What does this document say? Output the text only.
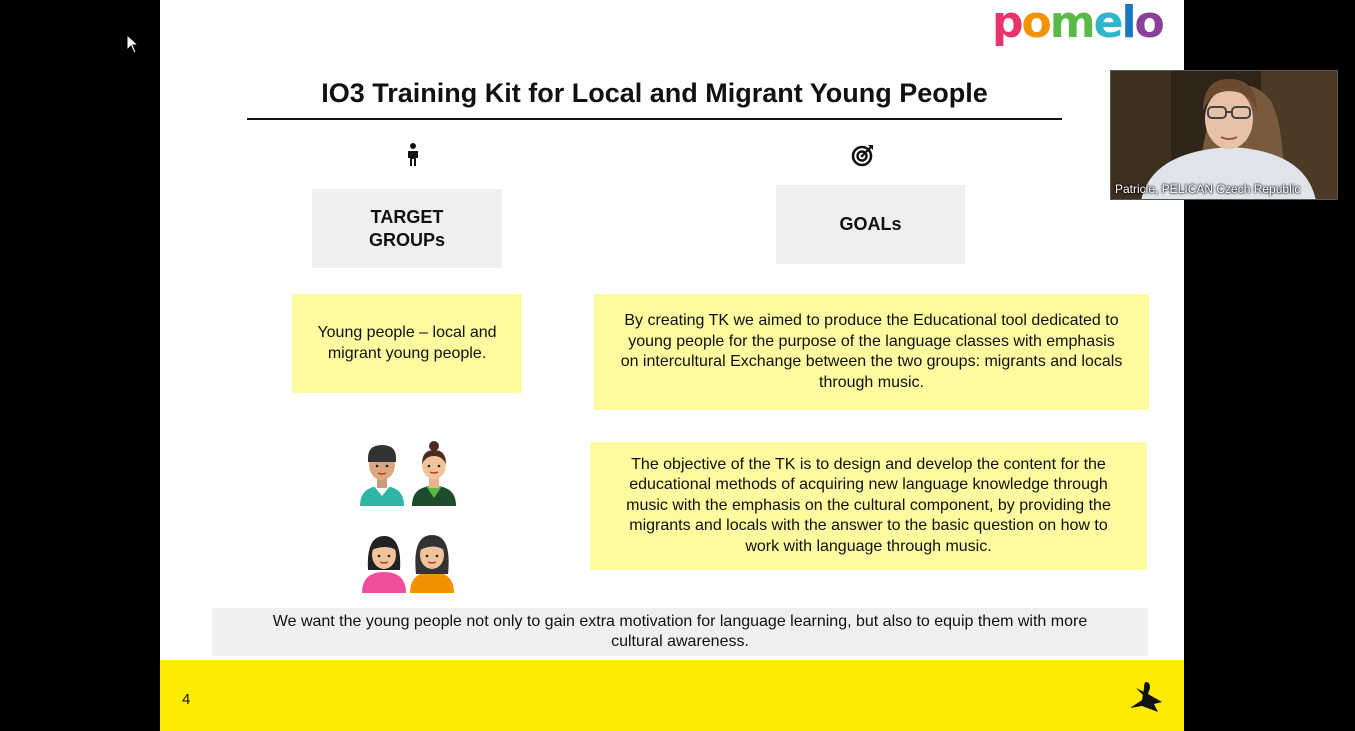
pomelo
IO3 Training Kit for Local and Migrant Young People
TARGET
GROUPs
GOALs
Young people – local and
migrant young people.
By creating TK we aimed to produce the Educational tool dedicated to
young people for the purpose of the language classes with emphasis
on intercultural Exchange between the two groups: migrants and locals
through music.
The objective of the TK is to design and develop the content for the
educational methods of acquiring new language knowledge through
music with the emphasis on the cultural component, by providing the
migrants and locals with the answer to the basic question on how to
work with language through music.
We want the young people not only to gain extra motivation for language learning, but also to equip them with more
cultural awareness.
4
Patricie, PELICAN Czech Republic
